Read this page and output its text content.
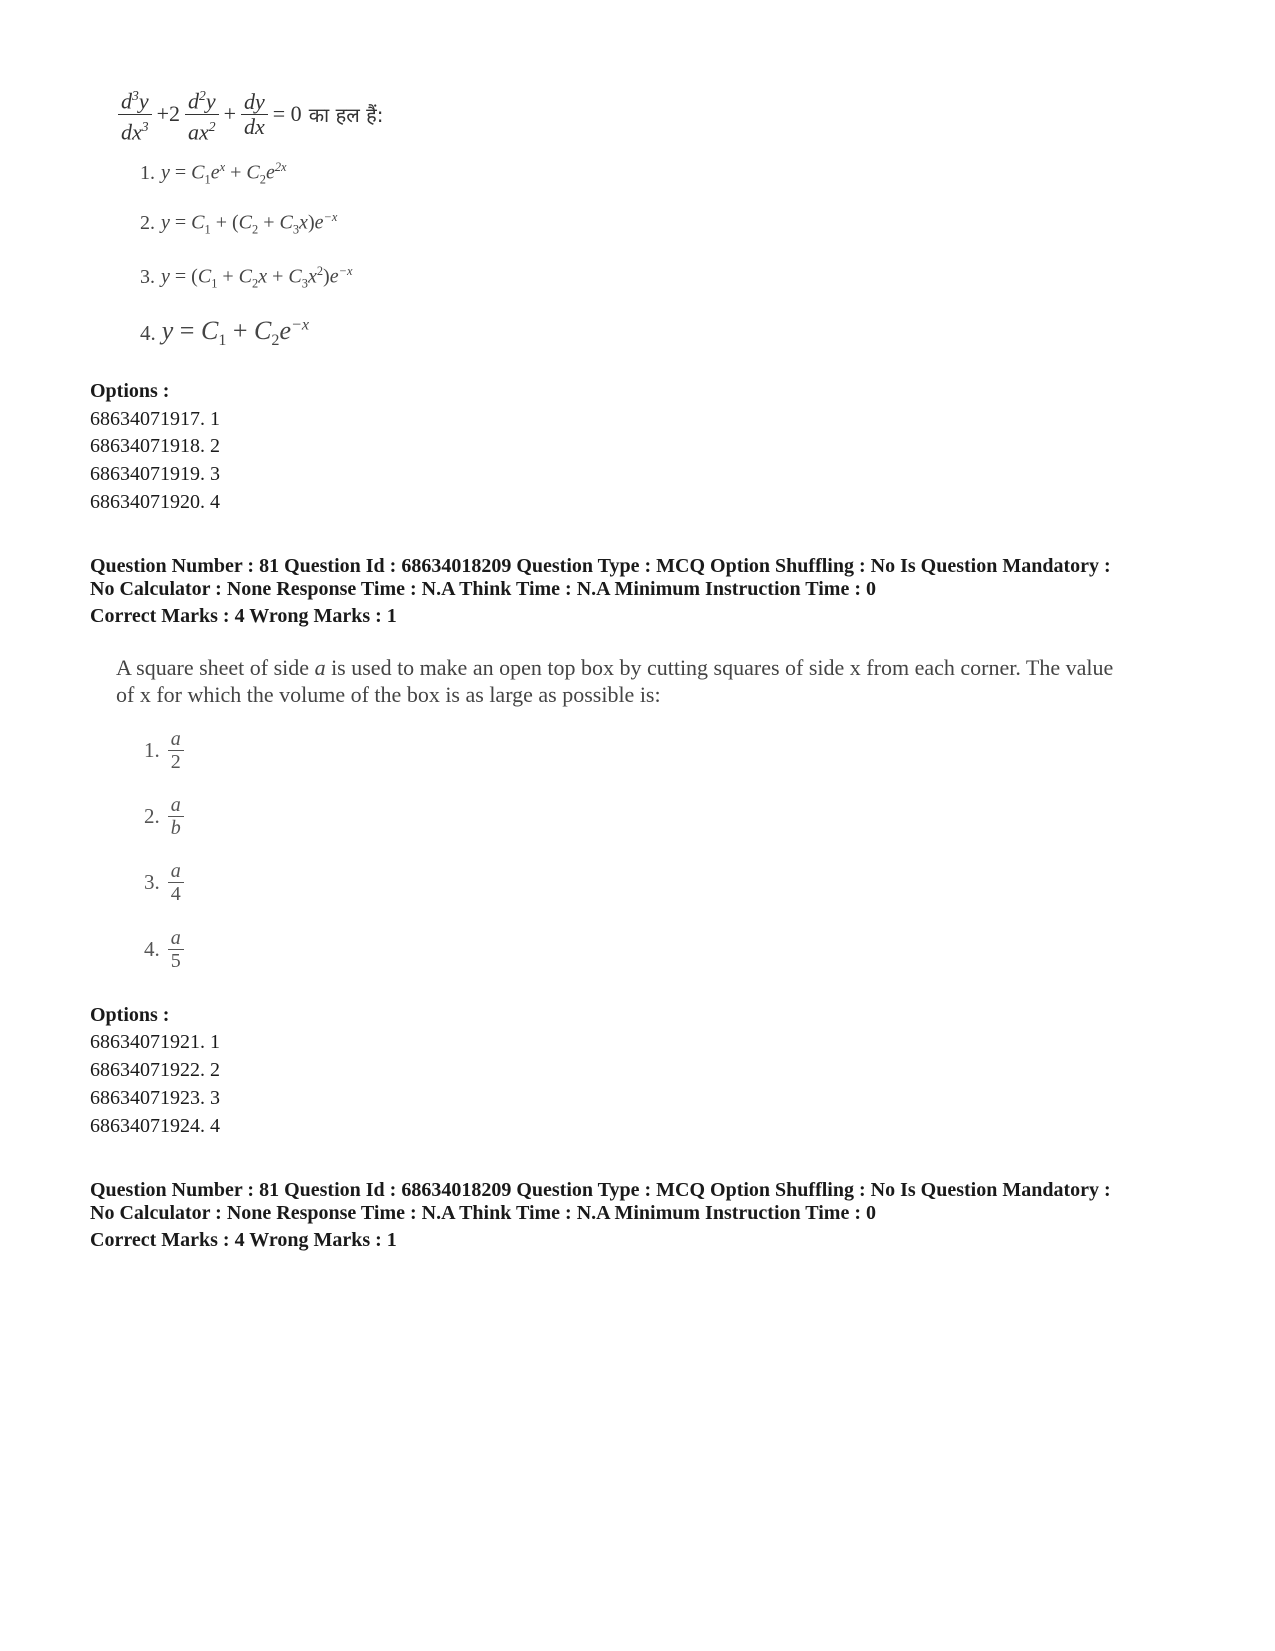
$\frac{d^3y}{dx^3} +2 \frac{d^2y}{ax^2} + \frac{dy}{dx} = 0$ का हल हैं:
1. $y = C_1e^x + C_2e^{2x}$
2. $y = C_1 + (C_2 + C_3x)e^{-x}$
3. $y = (C_1 + C_2x + C_3x^2)e^{-x}$
4. $y = C_1 + C_2e^{-x}$
Options :
68634071917. 1
68634071918. 2
68634071919. 3
68634071920. 4
Question Number : 81 Question Id : 68634018209 Question Type : MCQ Option Shuffling : No Is Question Mandatory :
No Calculator : None Response Time : N.A Think Time : N.A Minimum Instruction Time : 0
Correct Marks : 4 Wrong Marks : 1
A square sheet of side a is used to make an open top box by cutting squares of side x from each corner. The value of x for which the volume of the box is as large as possible is:
1. $\frac{a}{2}$
2. $\frac{a}{b}$
3. $\frac{a}{4}$
4. $\frac{a}{5}$
Options :
68634071921. 1
68634071922. 2
68634071923. 3
68634071924. 4
Question Number : 81 Question Id : 68634018209 Question Type : MCQ Option Shuffling : No Is Question Mandatory :
No Calculator : None Response Time : N.A Think Time : N.A Minimum Instruction Time : 0
Correct Marks : 4 Wrong Marks : 1
